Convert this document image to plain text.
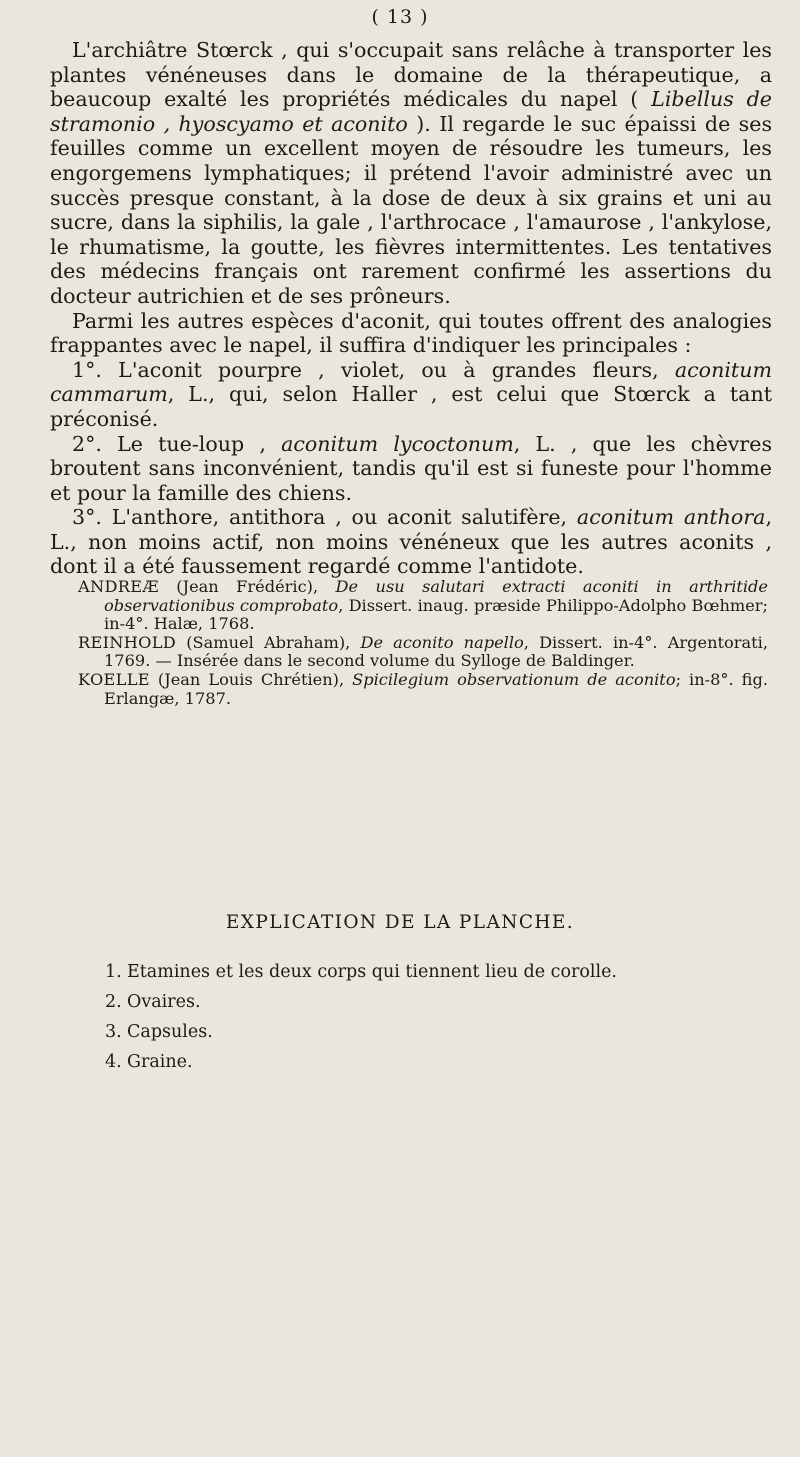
( 13 )

L'archiâtre Stœrck , qui s'occupait sans relâche à transporter les plantes vénéneuses dans le domaine de la thérapeutique, a beaucoup exalté les propriétés médicales du napel ( Libellus de stramonio , hyoscyamo et aconito ). Il regarde le suc épaissi de ses feuilles comme un excellent moyen de résoudre les tumeurs, les engorgemens lymphatiques; il prétend l'avoir administré avec un succès presque constant, à la dose de deux à six grains et uni au sucre, dans la siphilis, la gale , l'arthrocace , l'amaurose , l'ankylose, le rhumatisme, la goutte, les fièvres intermittentes. Les tentatives des médecins français ont rarement confirmé les assertions du docteur autrichien et de ses prôneurs.

Parmi les autres espèces d'aconit, qui toutes offrent des analogies frappantes avec le napel, il suffira d'indiquer les principales :

1°. L'aconit pourpre , violet, ou à grandes fleurs, aconitum cammarum, L., qui, selon Haller , est celui que Stœrck a tant préconisé.

2°. Le tue-loup , aconitum lycoctonum, L. , que les chèvres broutent sans inconvénient, tandis qu'il est si funeste pour l'homme et pour la famille des chiens.

3°. L'anthore, antithora , ou aconit salutifère, aconitum anthora, L., non moins actif, non moins vénéneux que les autres aconits , dont il a été faussement regardé comme l'antidote.

ANDREÆ (Jean Frédéric), De usu salutari extracti aconiti in arthritide observationibus comprobato, Dissert. inaug. præside Philippo-Adolpho Bœhmer; in-4°. Halæ, 1768.

REINHOLD (Samuel Abraham), De aconito napello, Dissert. in-4°. Argentorati, 1769. — Insérée dans le second volume du Sylloge de Baldinger.

KOELLE (Jean Louis Chrétien), Spicilegium observationum de aconito; in-8°. fig. Erlangæ, 1787.

EXPLICATION DE LA PLANCHE.
1. Etamines et les deux corps qui tiennent lieu de corolle.
2. Ovaires.
3. Capsules.
4. Graine.
